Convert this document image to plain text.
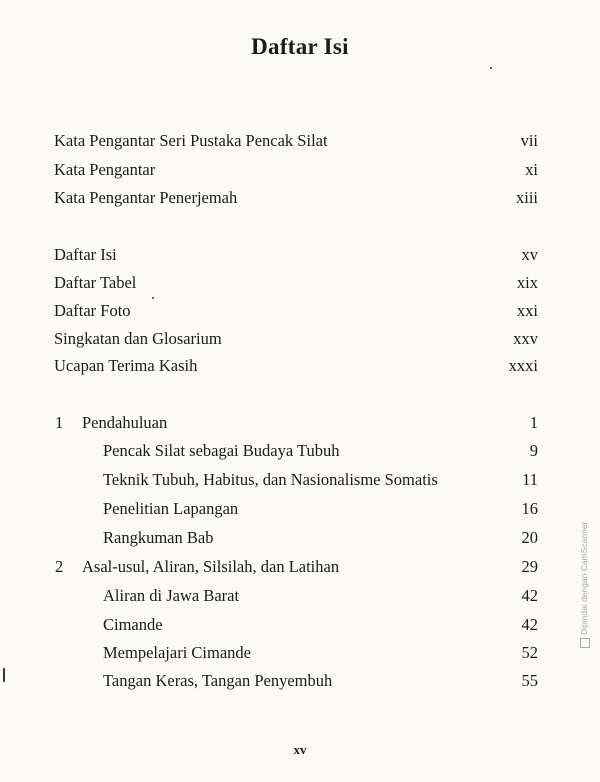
Daftar Isi
Kata Pengantar Seri Pustaka Pencak Silat	vii
Kata Pengantar	xi
Kata Pengantar Penerjemah	xiii
Daftar Isi	xv
Daftar Tabel	xix
Daftar Foto	xxi
Singkatan dan Glosarium	xxv
Ucapan Terima Kasih	xxxi
1 Pendahuluan	1
Pencak Silat sebagai Budaya Tubuh	9
Teknik Tubuh, Habitus, dan Nasionalisme Somatis	11
Penelitian Lapangan	16
Rangkuman Bab	20
2 Asal-usul, Aliran, Silsilah, dan Latihan	29
Aliran di Jawa Barat	42
Cimande	42
Mempelajari Cimande	52
Tangan Keras, Tangan Penyembuh	55
xv
Dipindai dengan CamScanner
